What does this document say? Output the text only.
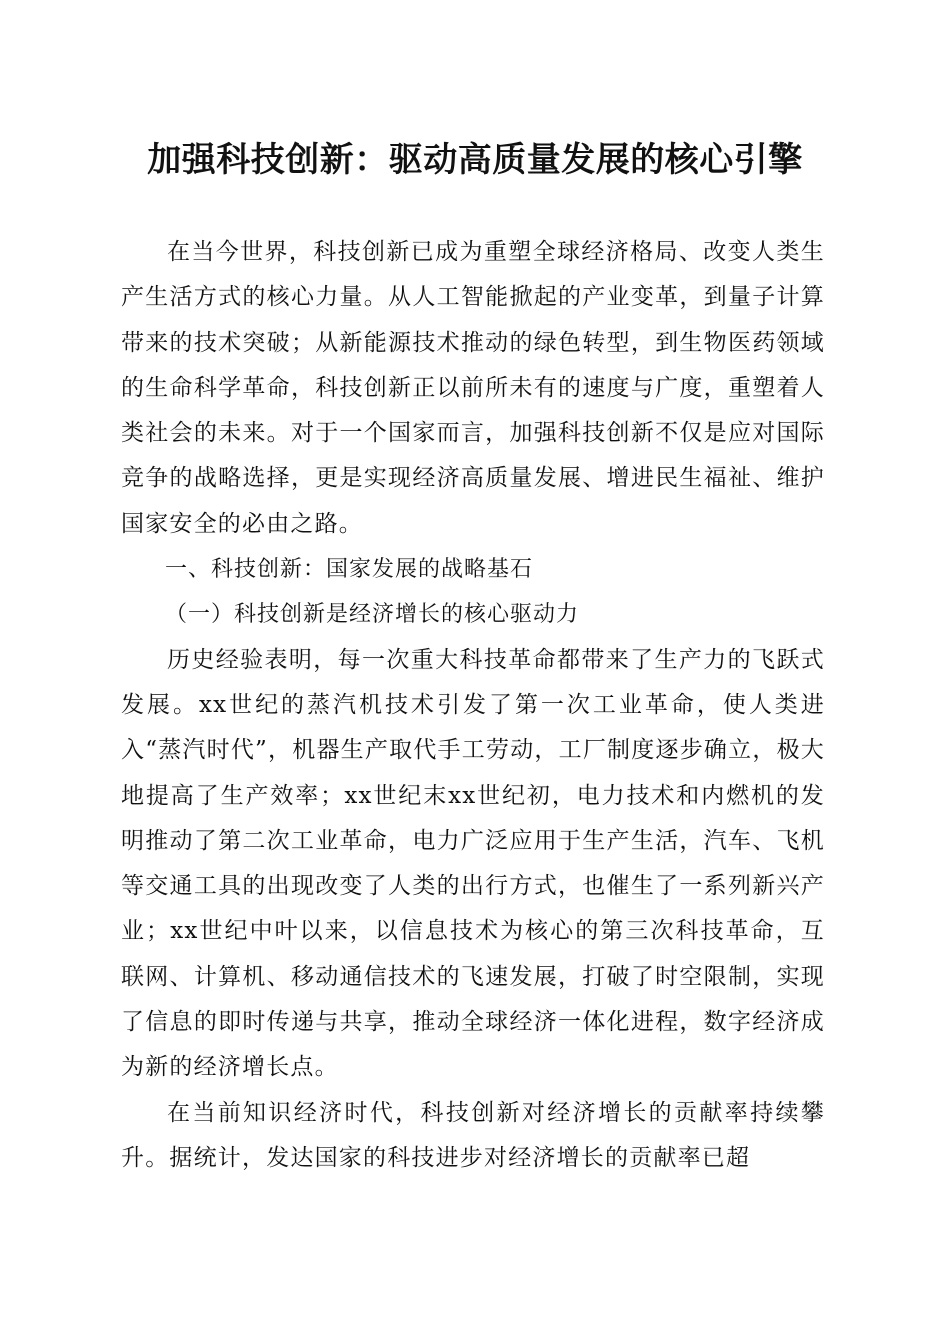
加强科技创新：驱动高质量发展的核心引擎

在当今世界，科技创新已成为重塑全球经济格局、改变人类生产生活方式的核心力量。从人工智能掀起的产业变革，到量子计算带来的技术突破；从新能源技术推动的绿色转型，到生物医药领域的生命科学革命，科技创新正以前所未有的速度与广度，重塑着人类社会的未来。对于一个国家而言，加强科技创新不仅是应对国际竞争的战略选择，更是实现经济高质量发展、增进民生福祉、维护国家安全的必由之路。

一、科技创新：国家发展的战略基石

（一）科技创新是经济增长的核心驱动力

历史经验表明，每一次重大科技革命都带来了生产力的飞跃式发展。xx世纪的蒸汽机技术引发了第一次工业革命，使人类进入“蒸汽时代”，机器生产取代手工劳动，工厂制度逐步确立，极大地提高了生产效率；xx世纪末xx世纪初，电力技术和内燃机的发明推动了第二次工业革命，电力广泛应用于生产生活，汽车、飞机等交通工具的出现改变了人类的出行方式，也催生了一系列新兴产业；xx世纪中叶以来，以信息技术为核心的第三次科技革命，互联网、计算机、移动通信技术的飞速发展，打破了时空限制，实现了信息的即时传递与共享，推动全球经济一体化进程，数字经济成为新的经济增长点。

在当前知识经济时代，科技创新对经济增长的贡献率持续攀升。据统计，发达国家的科技进步对经济增长的贡献率已超
